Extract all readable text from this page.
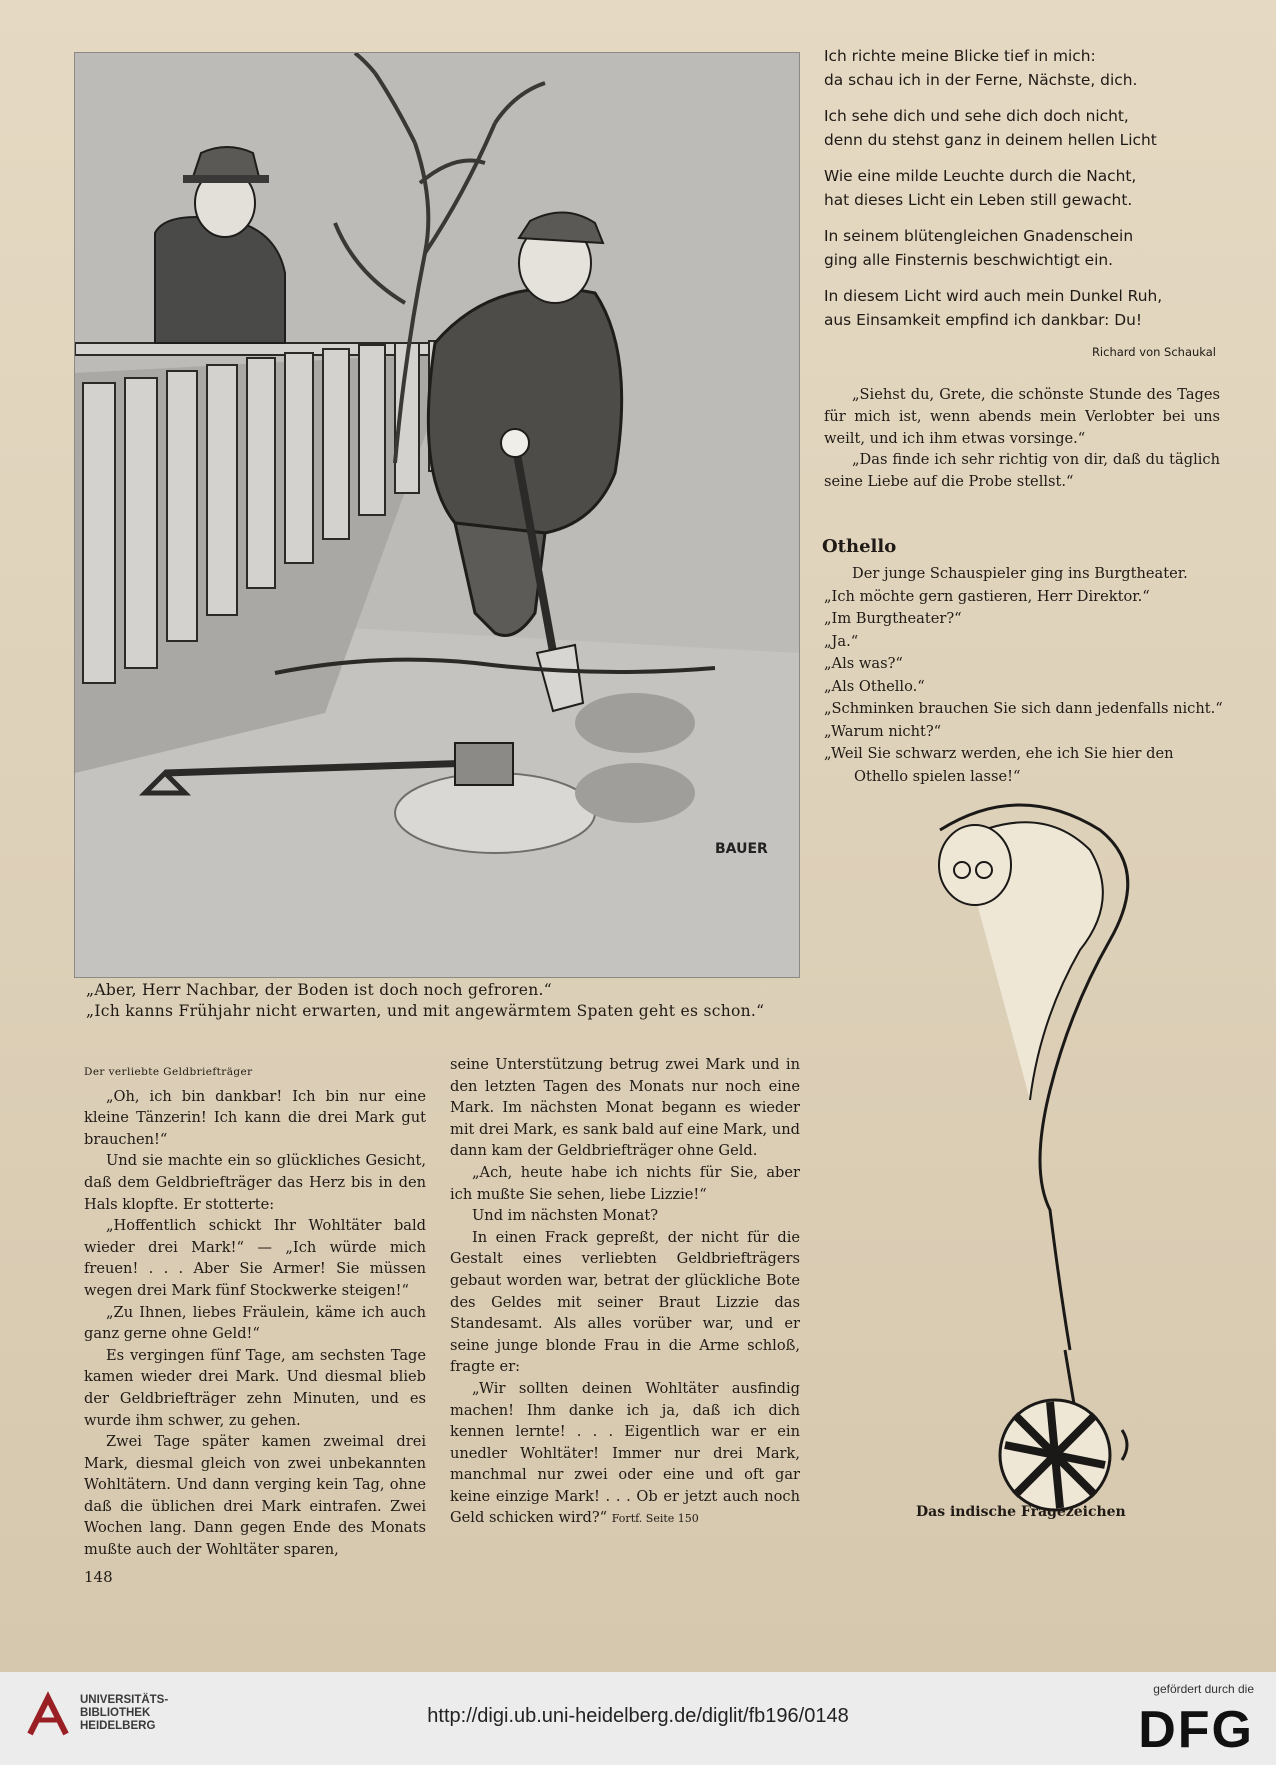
BAUER
„Aber, Herr Nachbar, der Boden ist doch noch gefroren.“
„Ich kanns Frühjahr nicht erwarten, und mit angewärmtem Spaten geht es schon.“
Ich richte meine Blicke tief in mich:
da schau ich in der Ferne, Nächste, dich.
Ich sehe dich und sehe dich doch nicht,
denn du stehst ganz in deinem hellen Licht
Wie eine milde Leuchte durch die Nacht,
hat dieses Licht ein Leben still gewacht.
In seinem blütengleichen Gnadenschein
ging alle Finsternis beschwichtigt ein.
In diesem Licht wird auch mein Dunkel Ruh,
aus Einsamkeit empfind ich dankbar: Du!
Richard von Schaukal

„Siehst du, Grete, die schönste Stunde des Tages für mich ist, wenn abends mein Verlobter bei uns weilt, und ich ihm etwas vorsinge.“

„Das finde ich sehr richtig von dir, daß du täglich seine Liebe auf die Probe stellst.“

Othello

Der junge Schauspieler ging ins Burgtheater.

„Ich möchte gern gastieren, Herr Direktor.“

„Im Burgtheater?“

„Ja.“

„Als was?“

„Als Othello.“

„Schminken brauchen Sie sich dann jedenfalls nicht.“

„Warum nicht?“

„Weil Sie schwarz werden, ehe ich Sie hier den Othello spielen lasse!“

Das indische Fragezeichen

Der verliebte Geldbriefträger

„Oh, ich bin dankbar! Ich bin nur eine kleine Tänzerin! Ich kann die drei Mark gut brauchen!“

Und sie machte ein so glückliches Gesicht, daß dem Geldbriefträger das Herz bis in den Hals klopfte. Er stotterte:

„Hoffentlich schickt Ihr Wohltäter bald wieder drei Mark!“ — „Ich würde mich freuen! . . . Aber Sie Armer! Sie müssen wegen drei Mark fünf Stockwerke steigen!“

„Zu Ihnen, liebes Fräulein, käme ich auch ganz gerne ohne Geld!“

Es vergingen fünf Tage, am sechsten Tage kamen wieder drei Mark. Und diesmal blieb der Geldbriefträger zehn Minuten, und es wurde ihm schwer, zu gehen.

Zwei Tage später kamen zweimal drei Mark, diesmal gleich von zwei unbekannten Wohltätern. Und dann verging kein Tag, ohne daß die üblichen drei Mark eintrafen. Zwei Wochen lang. Dann gegen Ende des Monats mußte auch der Wohltäter sparen,

seine Unterstützung betrug zwei Mark und in den letzten Tagen des Monats nur noch eine Mark. Im nächsten Monat begann es wieder mit drei Mark, es sank bald auf eine Mark, und dann kam der Geldbriefträger ohne Geld.

„Ach, heute habe ich nichts für Sie, aber ich mußte Sie sehen, liebe Lizzie!“

Und im nächsten Monat?

In einen Frack gepreßt, der nicht für die Gestalt eines verliebten Geldbriefträgers gebaut worden war, betrat der glückliche Bote des Geldes mit seiner Braut Lizzie das Standesamt. Als alles vorüber war, und er seine junge blonde Frau in die Arme schloß, fragte er:

„Wir sollten deinen Wohltäter ausfindig machen! Ihm danke ich ja, daß ich dich kennen lernte! . . . Eigentlich war er ein unedler Wohltäter! Immer nur drei Mark, manchmal nur zwei oder eine und oft gar keine einzige Mark! . . . Ob er jetzt auch noch Geld schicken wird?“ Fortf. Seite 150

148
UNIVERSITÄTS-
BIBLIOTHEK
HEIDELBERG	http://digi.ub.uni-heidelberg.de/diglit/fb196/0148
gefördert durch die
DFG
